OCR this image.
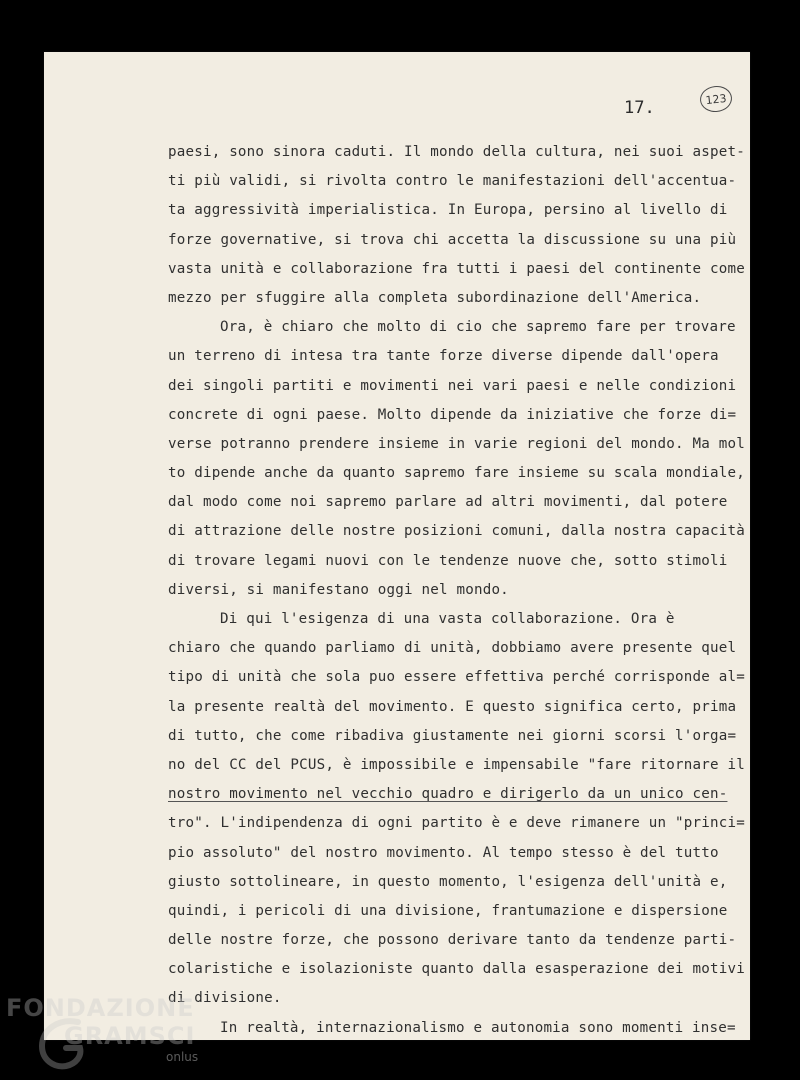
17.	123
paesi, sono sinora caduti. Il mondo della cultura, nei suoi aspet-
ti più validi, si rivolta contro le manifestazioni dell'accentua-
ta aggressività imperialistica. In Europa, persino al livello di
forze governative, si trova chi accetta la discussione su una più
vasta unità e collaborazione fra tutti i paesi del continente come
mezzo per sfuggire alla completa subordinazione dell'America.
Ora, è chiaro che molto di cio che sapremo fare per trovare
un terreno di intesa tra tante forze diverse dipende dall'opera
dei singoli partiti e movimenti nei vari paesi e nelle condizioni
concrete di ogni paese. Molto dipende da iniziative che forze di=
verse potranno prendere insieme in varie regioni del mondo. Ma mol
to dipende anche da quanto sapremo fare insieme su scala mondiale,
dal modo come noi sapremo parlare ad altri movimenti, dal potere
di attrazione delle nostre posizioni comuni, dalla nostra capacità
di trovare legami nuovi con le tendenze nuove che, sotto stimoli
diversi, si manifestano oggi nel mondo.
Di qui l'esigenza di una vasta collaborazione. Ora è
chiaro che quando parliamo di unità, dobbiamo avere presente quel
tipo di unità che sola puo essere effettiva perché corrisponde al=
la presente realtà del movimento. E questo significa certo, prima
di tutto, che come ribadiva giustamente nei giorni scorsi l'orga=
no del CC del PCUS, è impossibile e impensabile "fare ritornare il
nostro movimento nel vecchio quadro e dirigerlo da un unico cen-
tro". L'indipendenza di ogni partito è e deve rimanere un "princi=
pio assoluto" del nostro movimento. Al tempo stesso è del tutto
giusto sottolineare, in questo momento, l'esigenza dell'unità e,
quindi, i pericoli di una divisione, frantumazione e dispersione
delle nostre forze, che possono derivare tanto da tendenze parti-
colaristiche e isolazioniste quanto dalla esasperazione dei motivi
di divisione.
In realtà, internazionalismo e autonomia sono momenti inse=
FONDAZIONE
GRAMSCI
onlus
